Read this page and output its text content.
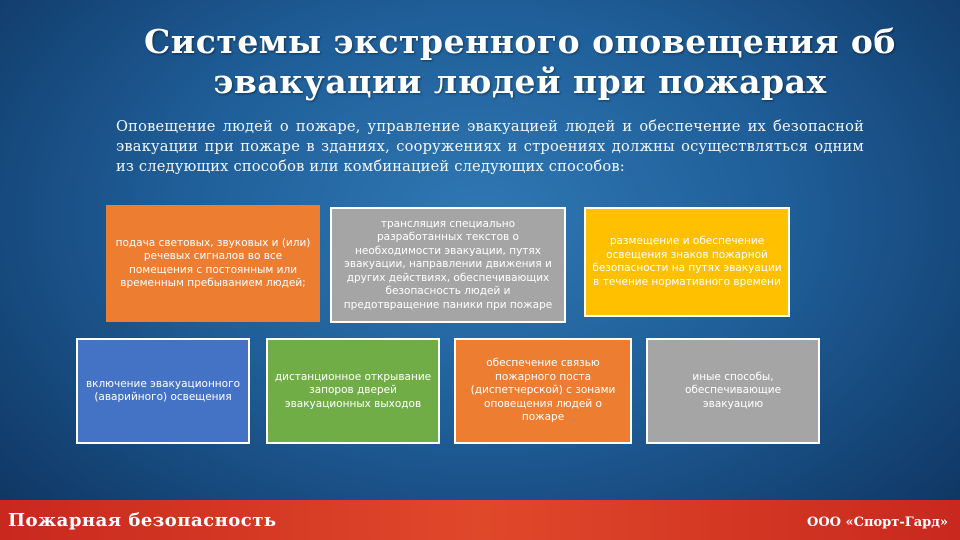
Системы экстренного оповещения об
эвакуации людей при пожарах
Оповещение людей о пожаре, управление эвакуацией людей и обеспечение их безопасной эвакуации при пожаре в зданиях, сооружениях и строениях должны осуществляться одним из следующих способов или комбинацией следующих способов:
подача световых, звуковых и (или) речевых сигналов во все помещения с постоянным или временным пребыванием людей;
трансляция специально разработанных текстов о необходимости эвакуации, путях эвакуации, направлении движения и других действиях, обеспечивающих безопасность людей и предотвращение паники при пожаре
размещение и обеспечение освещения знаков пожарной безопасности на путях эвакуации в течение нормативного времени
включение эвакуационного (аварийного) освещения
дистанционное открывание запоров дверей эвакуационных выходов
обеспечение связью пожарного поста (диспетчерской) с зонами оповещения людей о пожаре
иные способы, обеспечивающие эвакуацию
Пожарная безопасность	ООО «Спорт-Гард»
